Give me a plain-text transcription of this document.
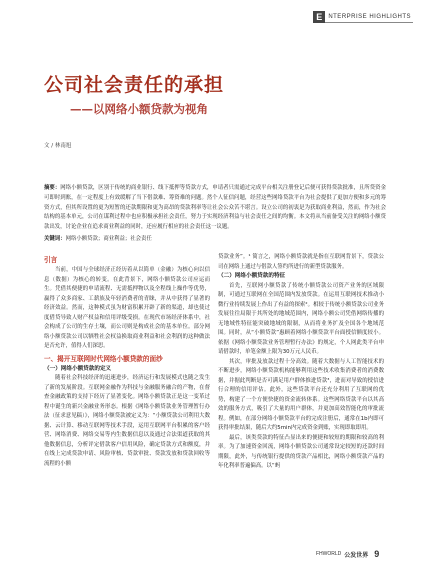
E	NTERPRISE HIGHLIGHTS
公司社会责任的承担
——以网络小额贷款为视角
文 / 林南旭
摘要：网络小额贷款，区别于传统的商业银行、线下抵押等贷款方式，申请者只需通过完成平台相关注册登记后便可获得贷款批准，且所贷资金可即时到账，在一定程度上有效缓解了当下借款难、筹资难的问题。然个人征信问题，经营这些网络贷款平台为社会提供了更加方便和多元的筹资方式，但其所设置的更为短暂的还款期限和更为高昂的贷款利率等让社会公众苦不堪言。设立公司的初衷是为获取商业利益，然而，作为社会结构的基本单元，公司在谋利过程中也应积极承担社会责任，努力于实现经济利益与社会责任之间的均衡。本文将从当前备受关注的网络小额贷款出发，讨论企业在追求商业利益的同时，还应履行相应的社会责任这一议题。
关键词：网络小额贷款；商业利益；社会责任
引言

当前，中国与全球经济正经历着从以简单（金融）为核心向以信息（数据）为核心的转变。在此背景下，网络小额贷款公司应运而生。凭借其便捷的申请流程、无需抵押物以及全程线上操作等优势，赢得了众多商家、工薪族及年轻消费者的青睐，并从中获得了显著的经济效益。然而，这种模式虽为财富积累开辟了新的渠道，却也使过度借贷导致人财产权益和信用评级受损。在现代市场经济体系中，社会构成了公司的生存土壤，而公司则是构成社会的基本单位。部分网络小额贷款公司以牺牲社会权益换取商业利益和社会利润的这种做法是否允许，值得人们深思。

一、揭开互联网时代网络小额贷款的面纱
（一）网络小额贷款的定义

随着社会科技经济的迅速进步，经济运行和发展模式也随之发生了新的发展阶段。互联网金融作为科技与金融服务融合的产物，在督查金融政策的支持下经历了显著变化。网络小额贷款正是这一变革过程中诞生的新兴金融业务形态。根据《网络小额贷款业务管理暂行办法（征求意见稿）》，网络小额贷款被定义为：“小额贷款公司利用大数据、云计算、移动互联网等技术手段，运用互联网平台积累的客户经营、网络消费、网络交易等内生数据信息以及通过合法渠道获取的其他数据信息，分析评定借款客户信用风险，确定贷款方式和额度，并在线上完成贷款申请、风险审核、贷款审批、贷款发放和贷款回收等流程的小额

贷款业务”。¹ 简言之，网络小额贷款就是指在互联网背景下，贷款公司在网络上通过与借款人签约所进行的新型贷款服务。

（二）网络小额贷款的特征

首先，互联网小额贷款了传统小额贷款公司资产业务的区域限制，可通过互联网在全国范围内发放贷款。在运用互联网技术推动小微行业持续发展上作出了有益的探索²。相较于传统小额贷款公司业务发展往往局限于其所处的地域范围内，网络小额公司凭借网络传播的无地域性特征能突破地域的限制，从而将业务扩及全国各个地域范围。同时，从“小额贷款”惠顾着网络小额贷款平台面授信额度较小。依据《网络小额贷款业务管理暂行办法》的规定，个人网此类平台申请借款时，单笔金额上限为30万元人民币。

其次，审批及放款过程十分高效。随着大数据与人工智能技术的不断进步，网络小额贷款机构能够利用这些技术收集消费者的消费数据，并据此判断是否可满足用户群体推进贷款³，进而对导致的授信进行合理的信用评估。此外，这些贷款平台还充分利用了互联网的优势，构建了一个方便快捷的资金流转体系。这些网络贷款平台以其高效的服务方式，吸引了大量的用户群体，并更加高效智能化的审批流程。例如，在部分网络小额贷款平台的完成注册后，通常在1b内即可获得审批结果，随后大约5min内完成资金到账，实现即取即用。

最后，该类贷款的特征凸显出来的便捷和较短的期限和较高的利率。为了加速资金回流，网络小额贷款公司通常设定较短的还款时间期限，此外，与传统银行提供的贷款产品相比，网络小额贷款产品的年化利率普遍偏高。以“蚂

FHWORLD 公发世界 9
